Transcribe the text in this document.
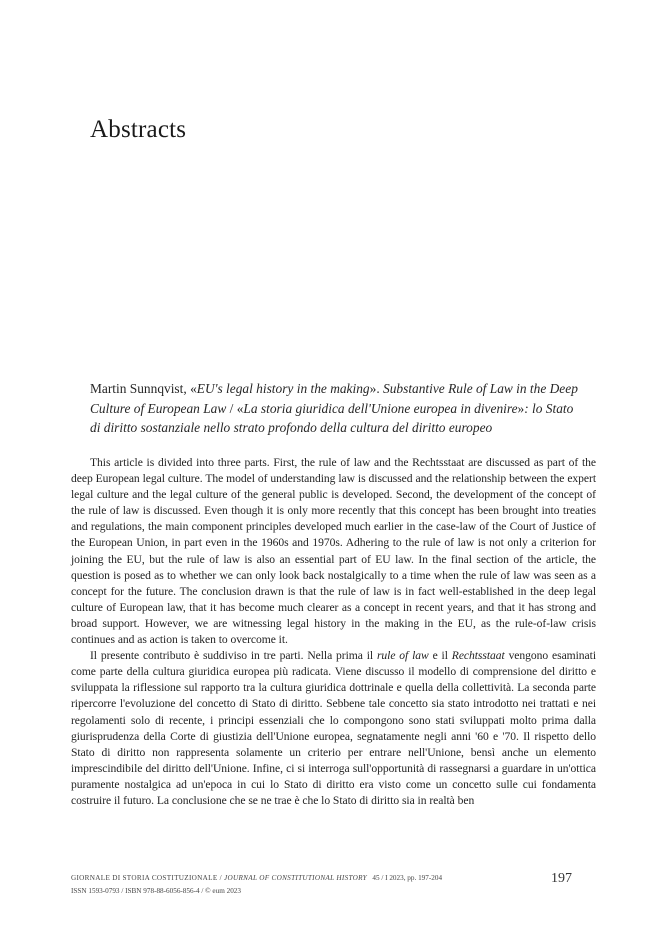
Abstracts

Martin Sunnqvist, «EU's legal history in the making». Substantive Rule of Law in the Deep Culture of European Law / «La storia giuridica dell'Unione europea in divenire»: lo Stato di diritto sostanziale nello strato profondo della cultura del diritto europeo

This article is divided into three parts. First, the rule of law and the Rechtsstaat are discussed as part of the deep European legal culture. The model of understanding law is discussed and the relationship between the expert legal culture and the legal culture of the general public is developed. Second, the development of the concept of the rule of law is discussed. Even though it is only more recently that this concept has been brought into treaties and regulations, the main component principles developed much earlier in the case-law of the Court of Justice of the European Union, in part even in the 1960s and 1970s. Adhering to the rule of law is not only a criterion for joining the EU, but the rule of law is also an essential part of EU law. In the final section of the article, the question is posed as to whether we can only look back nostalgically to a time when the rule of law was seen as a concept for the future. The conclusion drawn is that the rule of law is in fact well-established in the deep legal culture of European law, that it has become much clearer as a concept in recent years, and that it has strong and broad support. However, we are witnessing legal history in the making in the EU, as the rule-of-law crisis continues and as action is taken to overcome it.

Il presente contributo è suddiviso in tre parti. Nella prima il rule of law e il Rechtsstaat vengono esaminati come parte della cultura giuridica europea più radicata. Viene discusso il modello di comprensione del diritto e sviluppata la riflessione sul rapporto tra la cultura giuridica dottrinale e quella della collettività. La seconda parte ripercorre l'evoluzione del concetto di Stato di diritto. Sebbene tale concetto sia stato introdotto nei trattati e nei regolamenti solo di recente, i principi essenziali che lo compongono sono stati sviluppati molto prima dalla giurisprudenza della Corte di giustizia dell'Unione europea, segnatamente negli anni '60 e '70. Il rispetto dello Stato di diritto non rappresenta solamente un criterio per entrare nell'Unione, bensì anche un elemento imprescindibile del diritto dell'Unione. Infine, ci si interroga sull'opportunità di rassegnarsi a guardare in un'ottica puramente nostalgica ad un'epoca in cui lo Stato di diritto era visto come un concetto sulle cui fondamenta costruire il futuro. La conclusione che se ne trae è che lo Stato di diritto sia in realtà ben

GIORNALE DI STORIA COSTITUZIONALE / JOURNAL OF CONSTITUTIONAL HISTORY 45 / I 2023, pp. 197-204
ISSN 1593-0793 / ISBN 978-88-6056-856-4 / © eum 2023
197
